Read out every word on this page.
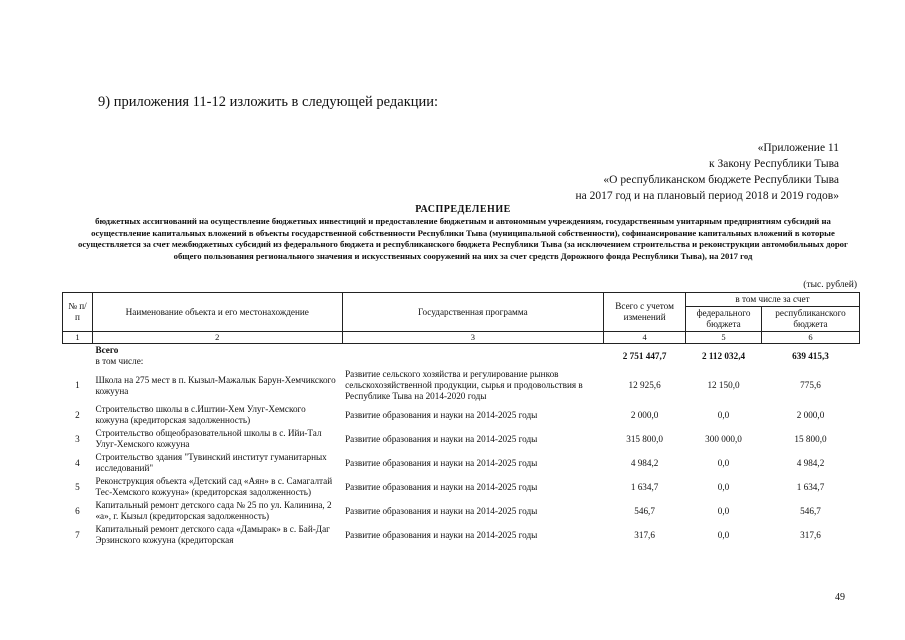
9) приложения 11-12 изложить в следующей редакции:
«Приложение 11
к Закону Республики Тыва
«О республиканском бюджете Республики Тыва
на 2017 год и на плановый период 2018 и 2019 годов»
РАСПРЕДЕЛЕНИЕ
бюджетных ассигнований на осуществление бюджетных инвестиций и предоставление бюджетным и автономным учреждениям, государственным унитарным предприятиям субсидий на осуществление капитальных вложений в объекты государственной собственности Республики Тыва (муниципальной собственности), софинансирование капитальных вложений в которые осуществляется за счет межбюджетных субсидий из федерального бюджета и республиканского бюджета Республики Тыва (за исключением строительства и реконструкции автомобильных дорог общего пользования регионального значения и искусственных сооружений на них за счет средств Дорожного фонда Республики Тыва), на 2017 год
(тыс. рублей)
№ п/п	Наименование объекта и его местонахождение	Государственная программа	Всего с учетом изменений	в том числе за счет	
				федерального бюджета	республиканского бюджета
1	2	3	4	5	6

	Всего
в том числе:		2 751 447,7	2 112 032,4	639 415,3
1	Школа на 275 мест в п. Кызыл-Мажалык Барун-Хемчикского кожууна	Развитие сельского хозяйства и регулирование рынков сельскохозяйственной продукции, сырья и продовольствия в Республике Тыва на 2014-2020 годы	12 925,6	12 150,0	775,6
2	Строительство школы в с.Иштии-Хем Улуг-Хемского кожууна (кредиторская задолженность)	Развитие образования и науки на 2014-2025 годы	2 000,0	0,0	2 000,0
3	Строительство общеобразовательной школы в с. Ийи-Тал Улуг-Хемского кожууна	Развитие образования и науки на 2014-2025 годы	315 800,0	300 000,0	15 800,0
4	Строительство здания "Тувинский институт гуманитарных исследований"	Развитие образования и науки на 2014-2025 годы	4 984,2	0,0	4 984,2
5	Реконструкция объекта «Детский сад «Аян» в с. Самагалтай Тес-Хемского кожууна» (кредиторская задолженность)	Развитие образования и науки на 2014-2025 годы	1 634,7	0,0	1 634,7
6	Капитальный ремонт детского сада № 25 по ул. Калинина, 2 «а», г. Кызыл (кредиторская задолженность)	Развитие образования и науки на 2014-2025 годы	546,7	0,0	546,7
7	Капитальный ремонт детского сада «Дамырак» в с. Бай-Даг Эрзинского кожууна (кредиторская	Развитие образования и науки на 2014-2025 годы	317,6	0,0	317,6
49
